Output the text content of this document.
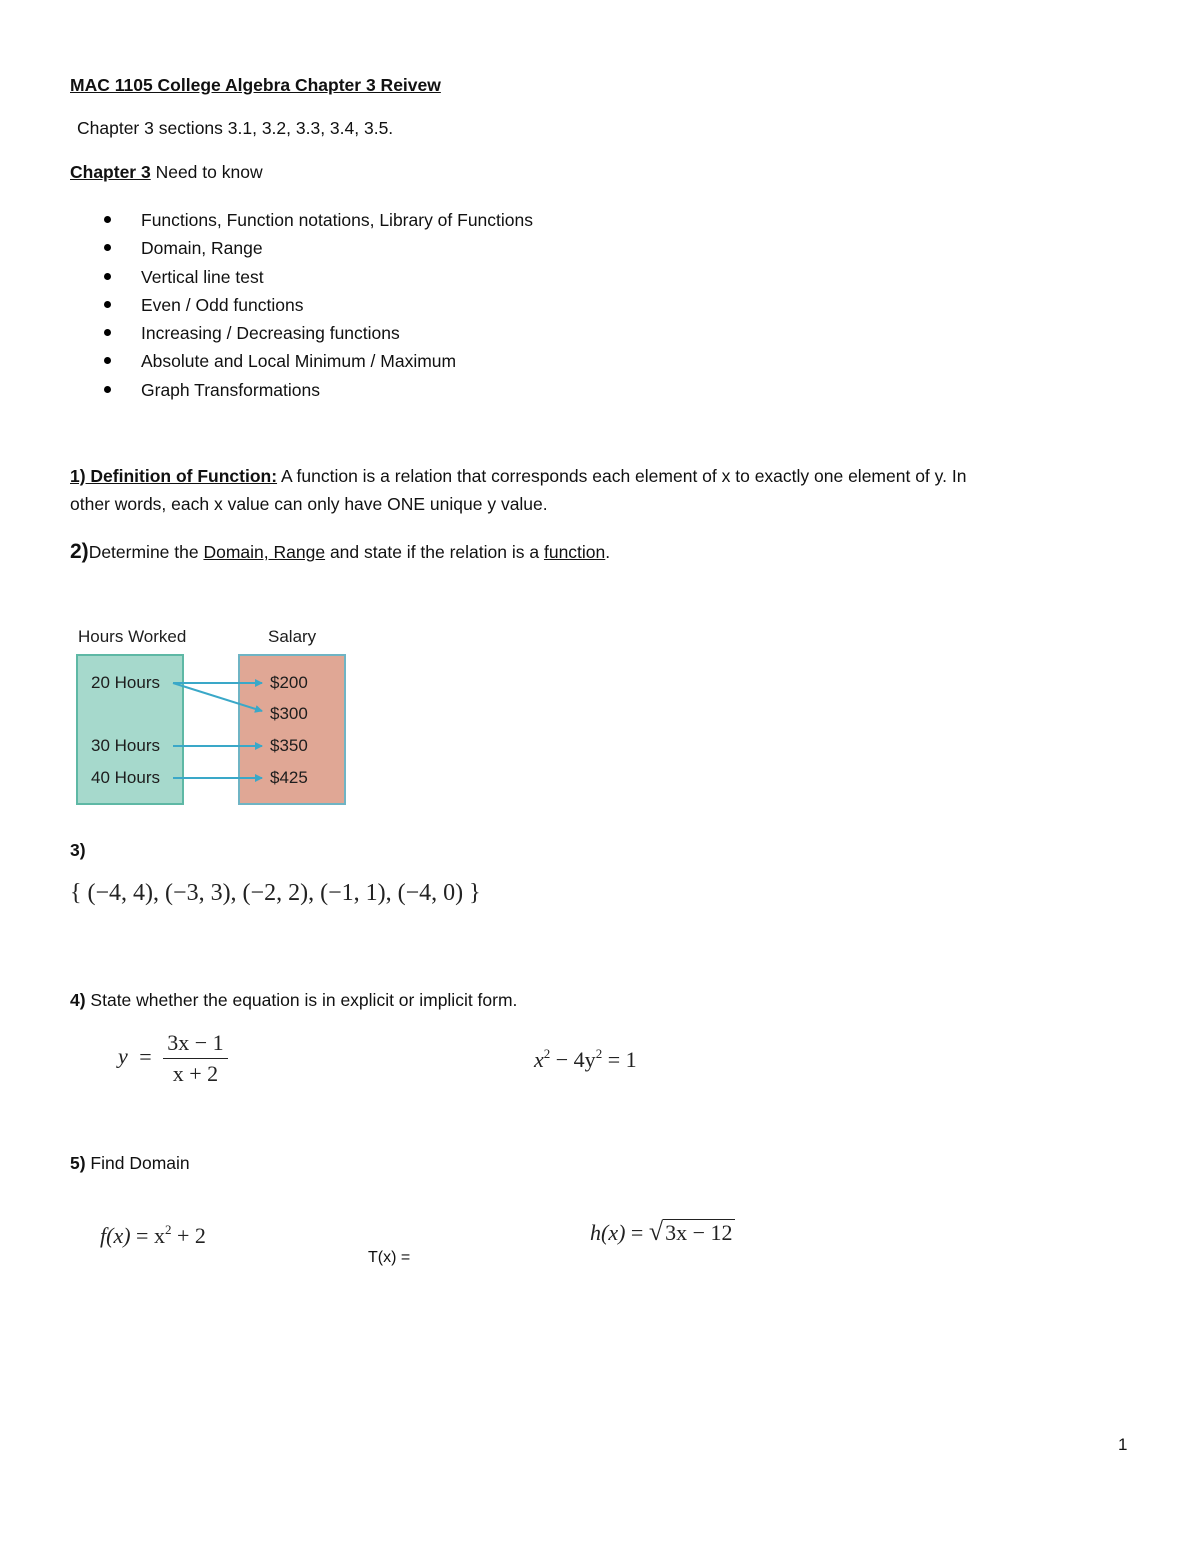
MAC 1105 College Algebra Chapter 3 Reivew
Chapter 3 sections 3.1, 3.2, 3.3, 3.4, 3.5.
Chapter 3 Need to know
Functions, Function notations, Library of Functions
Domain, Range
Vertical line test
Even / Odd functions
Increasing / Decreasing functions
Absolute and Local Minimum / Maximum
Graph Transformations
1) Definition of Function: A function is a relation that corresponds each element of x to exactly one element of y. In
other words, each x value can only have ONE unique y value.
2)Determine the Domain, Range and state if the relation is a function.
Hours Worked	Salary
20 Hours
30 Hours
40 Hours
$200
$300
$350
$425
3)
{ (−4, 4), (−3, 3), (−2, 2), (−1, 1), (−4, 0) }
4) State whether the equation is in explicit or implicit form.
$y = \frac{3x - 1}{x + 2}$	$x^2 - 4y^2 = 1$
5) Find Domain
$f(x) = x^2 + 2$
T(x) =
h(x) = √3x − 12
1
